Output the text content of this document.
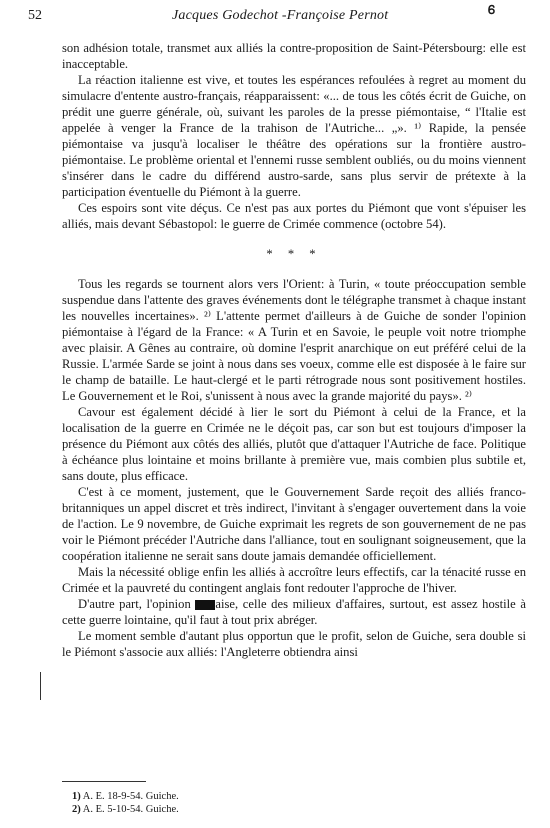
52	Jacques Godechot -Françoise Pernot	Ꮾ

son adhésion totale, transmet aux alliés la contre-proposition de Saint-Pétersbourg: elle est inacceptable.

La réaction italienne est vive, et toutes les espérances refoulées à regret au moment du simulacre d'entente austro-français, réapparaissent: «... de tous les côtés écrit de Guiche, on prédit une guerre générale, où, suivant les paroles de la presse piémontaise, “ l'Italie est appelée à venger la France de la trahison de l'Autriche... „». ¹⁾ Rapide, la pensée piémontaise va jusqu'à localiser le théâtre des opérations sur la frontière austro-piémontaise. Le problème oriental et l'ennemi russe semblent oubliés, ou du moins viennent s'insérer dans le cadre du différend austro-sarde, sans plus servir de prétexte à la participation éventuelle du Piémont à la guerre.

Ces espoirs sont vite déçus. Ce n'est pas aux portes du Piémont que vont s'épuiser les alliés, mais devant Sébastopol: le guerre de Crimée commence (octobre 54).

* * *

Tous les regards se tournent alors vers l'Orient: à Turin, « toute préoccupation semble suspendue dans l'attente des graves événements dont le télégraphe transmet à chaque instant les nouvelles incertaines». ²⁾ L'attente permet d'ailleurs à de Guiche de sonder l'opinion piémontaise à l'égard de la France: « A Turin et en Savoie, le peuple voit notre triomphe avec plaisir. A Gênes au contraire, où domine l'esprit anarchique on eut préféré celui de la Russie. L'armée Sarde se joint à nous dans ses voeux, comme elle est disposée à le faire sur le champ de bataille. Le haut-clergé et le parti rétrograde nous sont positivement hostiles. Le Gouvernement et le Roi, s'unissent à nous avec la grande majorité du pays». ²⁾

Cavour est également décidé à lier le sort du Piémont à celui de la France, et la localisation de la guerre en Crimée ne le déçoit pas, car son but est toujours d'imposer la présence du Piémont aux côtés des alliés, plutôt que d'attaquer l'Autriche de face. Politique à échéance plus lointaine et moins brillante à première vue, mais combien plus subtile et, sans doute, plus efficace.

C'est à ce moment, justement, que le Gouvernement Sarde reçoit des alliés franco-britanniques un appel discret et très indirect, l'invitant à s'engager ouvertement dans la voie de l'action. Le 9 novembre, de Guiche exprimait les regrets de son gouvernement de ne pas voir le Piémont précéder l'Autriche dans l'alliance, tout en soulignant soigneusement, que la coopération italienne ne serait sans doute jamais demandée officiellement.

Mais la nécessité oblige enfin les alliés à accroître leurs effectifs, car la ténacité russe en Crimée et la pauvreté du contingent anglais font redouter l'approche de l'hiver.

D'autre part, l'opinion aise, celle des milieux d'affaires, surtout, est assez hostile à cette guerre lointaine, qu'il faut à tout prix abréger.

Le moment semble d'autant plus opportun que le profit, selon de Guiche, sera double si le Piémont s'associe aux alliés: l'Angleterre obtiendra ainsi

1) A. E. 18-9-54. Guiche.
2) A. E. 5-10-54. Guiche.
